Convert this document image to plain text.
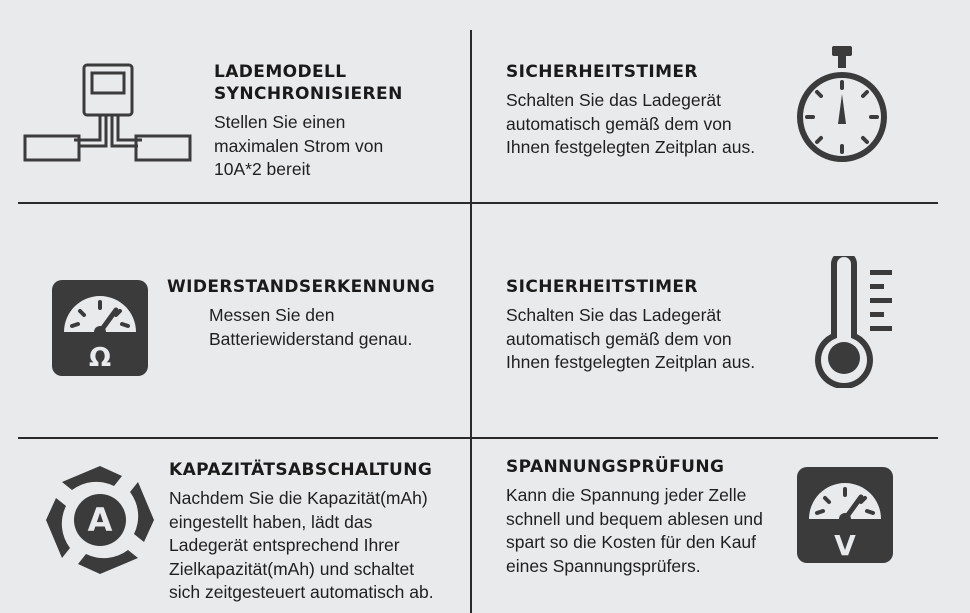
LADEMODELL
SYNCHRONISIEREN

Stellen Sie einen
maximalen Strom von
10A*2 bereit

SICHERHEITSTIMER

Schalten Sie das Ladegerät
automatisch gemäß dem von
Ihnen festgelegten Zeitplan aus.

Ω

WIDERSTANDSERKENNUNG

Messen Sie den
Batteriewiderstand genau.

SICHERHEITSTIMER

Schalten Sie das Ladegerät
automatisch gemäß dem von
Ihnen festgelegten Zeitplan aus.

A

KAPAZITÄTSABSCHALTUNG

Nachdem Sie die Kapazität(mAh)
eingestellt haben, lädt das
Ladegerät entsprechend Ihrer
Zielkapazität(mAh) und schaltet
sich zeitgesteuert automatisch ab.

V

SPANNUNGSPRÜFUNG

Kann die Spannung jeder Zelle
schnell und bequem ablesen und
spart so die Kosten für den Kauf
eines Spannungsprüfers.
